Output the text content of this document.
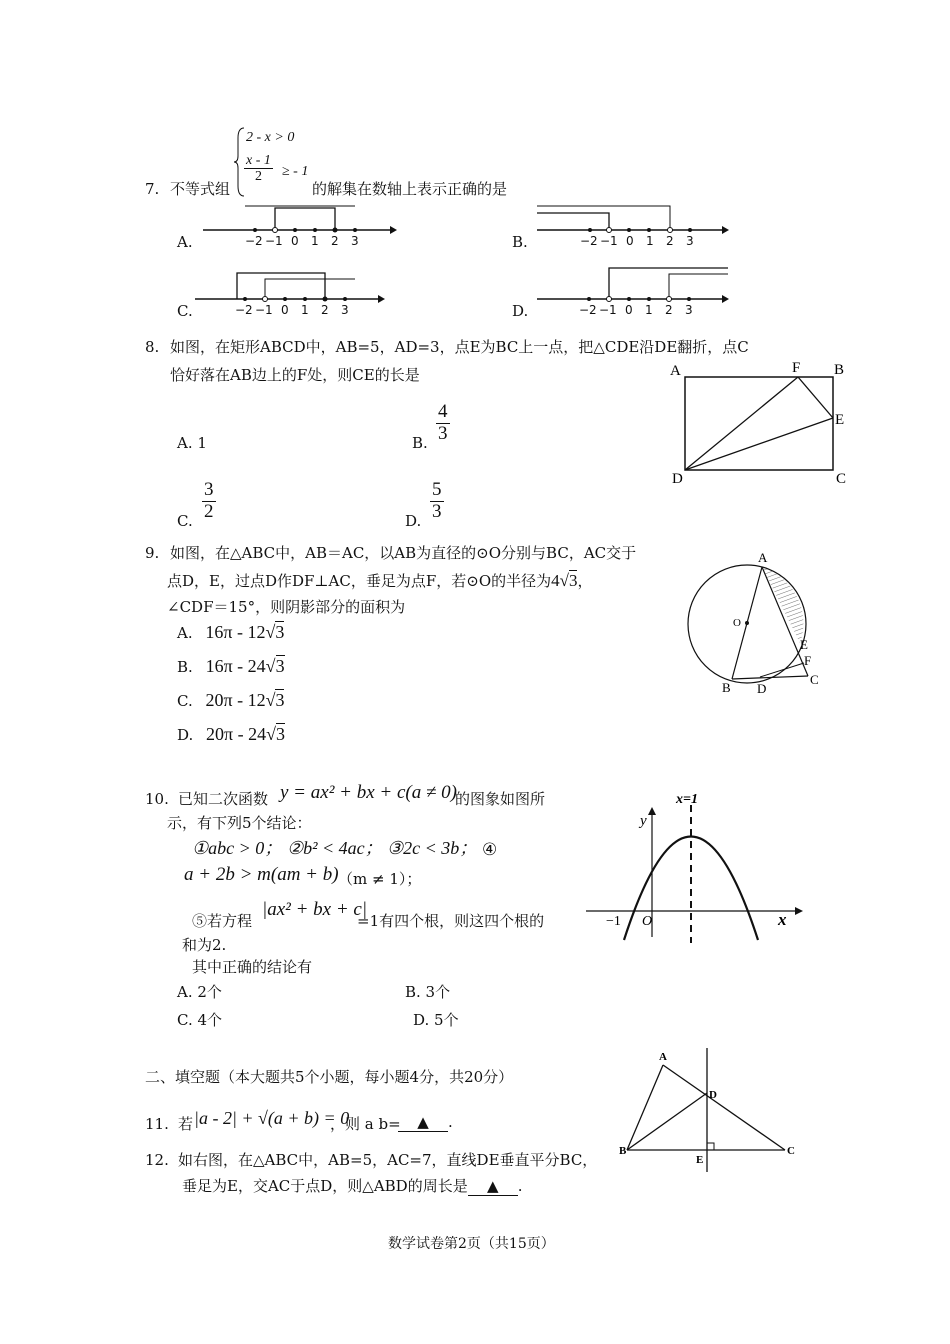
7. 不等式组
2 - x > 0
$\frac{x - 1}{2}$ ≥ - 1
的解集在数轴上表示正确的是
A.	B.
C.	D.
−2 −1 0 1 2 3	−2 −1 0 1 2 3
−2 −1 0 1 2 3	−2 −1 0 1 2 3
8. 如图，在矩形ABCD中，AB=5，AD=3，点E为BC上一点，把△CDE沿DE翻折，点C
恰好落在AB边上的F处，则CE的长是
A. 1	B. $\frac{4}{3}$
C. $\frac{3}{2}$	D. $\frac{5}{3}$
A	F B
E
D	C
9. 如图，在△ABC中，AB＝AC，以AB为直径的⊙O分别与BC，AC交于
点D，E，过点D作DF⊥AC，垂足为点F，若⊙O的半径为4√3，
∠CDF＝15°，则阴影部分的面积为
A. 16π - 12√3
B. 16π - 24√3
C. 20π - 12√3
D. 20π - 24√3
A
O
E
F
B D
C
10. 已知二次函数 y = ax² + bx + c(a ≠ 0)
的图象如图所
示，有下列5个结论：
①abc > 0； ②b² < 4ac； ③2c < 3b； ④
a + 2b > m(am + b) （m ≠ 1）；
⑤若方程
|ax² + bx + c|
=1有四个根，则这四个根的
和为2.
其中正确的结论有
A. 2个	B. 3个
C. 4个	D. 5个
x=1
y
x
−1 O
二、填空题（本大题共5个小题，每小题4分，共20分）
11. 若 |a - 2| + √(a + b) = 0
，则 a b=	▲ .
12. 如右图，在△ABC中，AB=5，AC=7，直线DE垂直平分BC，
垂足为E，交AC于点D，则△ABD的周长是 ▲ .
A
D
B
E
C
数学试卷第2页（共15页）
